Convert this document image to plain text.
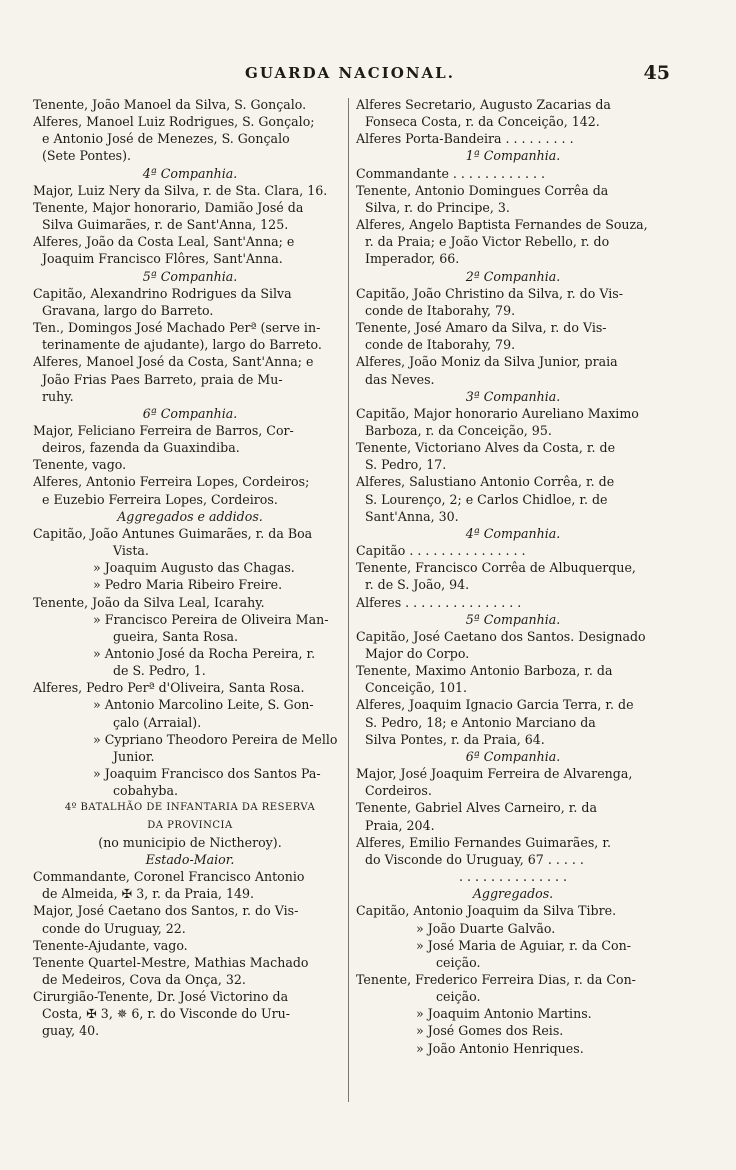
GUARDA NACIONAL.	45
Tenente, João Manoel da Silva, S. Gonçalo.
Alferes, Manoel Luiz Rodrigues, S. Gonçalo;
e Antonio José de Menezes, S. Gonçalo
(Sete Pontes).
4ª Companhia.
Major, Luiz Nery da Silva, r. de Sta. Clara, 16.
Tenente, Major honorario, Damião José da
Silva Guimarães, r. de Sant'Anna, 125.
Alferes, João da Costa Leal, Sant'Anna; e
Joaquim Francisco Flôres, Sant'Anna.
5ª Companhia.
Capitão, Alexandrino Rodrigues da Silva
Gravana, largo do Barreto.
Ten., Domingos José Machado Perª (serve in-
terinamente de ajudante), largo do Barreto.
Alferes, Manoel José da Costa, Sant'Anna; e
João Frias Paes Barreto, praia de Mu-
ruhy.
6ª Companhia.
Major, Feliciano Ferreira de Barros, Cor-
deiros, fazenda da Guaxindiba.
Tenente, vago.
Alferes, Antonio Ferreira Lopes, Cordeiros;
e Euzebio Ferreira Lopes, Cordeiros.
Aggregados e addidos.
Capitão, João Antunes Guimarães, r. da Boa
Vista.
» Joaquim Augusto das Chagas.
» Pedro Maria Ribeiro Freire.
Tenente, João da Silva Leal, Icarahy.
» Francisco Pereira de Oliveira Man-
gueira, Santa Rosa.
» Antonio José da Rocha Pereira, r.
de S. Pedro, 1.
Alferes, Pedro Perª d'Oliveira, Santa Rosa.
» Antonio Marcolino Leite, S. Gon-
çalo (Arraial).
» Cypriano Theodoro Pereira de Mello
Junior.
» Joaquim Francisco dos Santos Pa-
cobahyba.
4º BATALHÃO DE INFANTARIA DA RESERVA
DA PROVINCIA
(no municipio de Nictheroy).
Estado-Maior.
Commandante, Coronel Francisco Antonio
de Almeida, ✠ 3, r. da Praia, 149.
Major, José Caetano dos Santos, r. do Vis-
conde do Uruguay, 22.
Tenente-Ajudante, vago.
Tenente Quartel-Mestre, Mathias Machado
de Medeiros, Cova da Onça, 32.
Cirurgião-Tenente, Dr. José Victorino da
Costa, ✠ 3, ✵ 6, r. do Visconde do Uru-
guay, 40.
Alferes Secretario, Augusto Zacarias da
Fonseca Costa, r. da Conceição, 142.
Alferes Porta-Bandeira . . . . . . . . .
1ª Companhia.
Commandante . . . . . . . . . . . .
Tenente, Antonio Domingues Corrêa da
Silva, r. do Principe, 3.
Alferes, Angelo Baptista Fernandes de Souza,
r. da Praia; e João Victor Rebello, r. do
Imperador, 66.
2ª Companhia.
Capitão, João Christino da Silva, r. do Vis-
conde de Itaborahy, 79.
Tenente, José Amaro da Silva, r. do Vis-
conde de Itaborahy, 79.
Alferes, João Moniz da Silva Junior, praia
das Neves.
3ª Companhia.
Capitão, Major honorario Aureliano Maximo
Barboza, r. da Conceição, 95.
Tenente, Victoriano Alves da Costa, r. de
S. Pedro, 17.
Alferes, Salustiano Antonio Corrêa, r. de
S. Lourenço, 2; e Carlos Chidloe, r. de
Sant'Anna, 30.
4ª Companhia.
Capitão . . . . . . . . . . . . . . .
Tenente, Francisco Corrêa de Albuquerque,
r. de S. João, 94.
Alferes . . . . . . . . . . . . . . .
5ª Companhia.
Capitão, José Caetano dos Santos. Designado
Major do Corpo.
Tenente, Maximo Antonio Barboza, r. da
Conceição, 101.
Alferes, Joaquim Ignacio Garcia Terra, r. de
S. Pedro, 18; e Antonio Marciano da
Silva Pontes, r. da Praia, 64.
6ª Companhia.
Major, José Joaquim Ferreira de Alvarenga,
Cordeiros.
Tenente, Gabriel Alves Carneiro, r. da
Praia, 204.
Alferes, Emilio Fernandes Guimarães, r.
do Visconde do Uruguay, 67 . . . . .
. . . . . . . . . . . . . .
Aggregados.
Capitão, Antonio Joaquim da Silva Tibre.
» João Duarte Galvão.
» José Maria de Aguiar, r. da Con-
ceição.
Tenente, Frederico Ferreira Dias, r. da Con-
ceição.
» Joaquim Antonio Martins.
» José Gomes dos Reis.
» João Antonio Henriques.
